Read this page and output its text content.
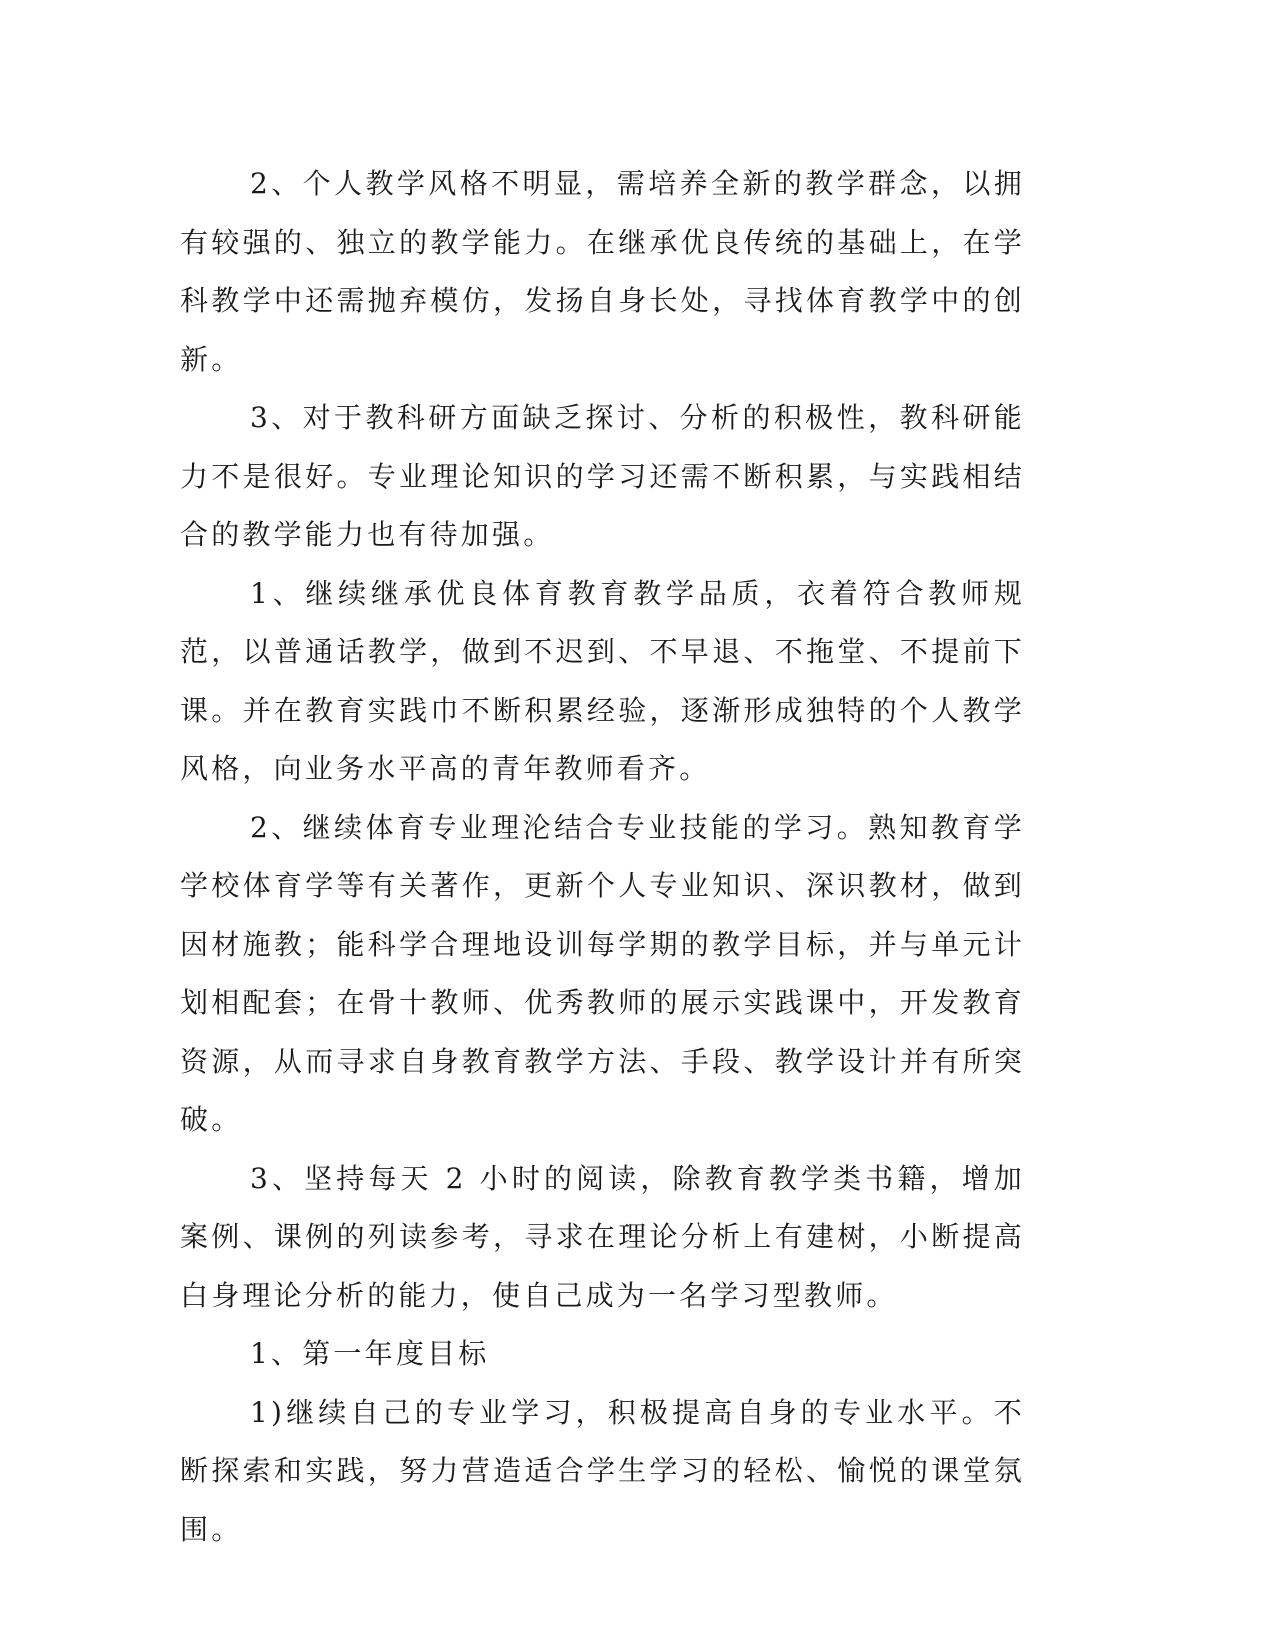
2、个人教学风格不明显，需培养全新的教学群念，以拥有较强的、独立的教学能力。在继承优良传统的基础上，在学科教学中还需抛弃模仿，发扬自身长处，寻找体育教学中的创新。

3、对于教科研方面缺乏探讨、分析的积极性，教科研能力不是很好。专业理论知识的学习还需不断积累，与实践相结合的教学能力也有待加强。

1、继续继承优良体育教育教学品质，衣着符合教师规范，以普通话教学，做到不迟到、不早退、不拖堂、不提前下课。并在教育实践巾不断积累经验，逐渐形成独特的个人教学风格，向业务水平高的青年教师看齐。

2、继续体育专业理沦结合专业技能的学习。熟知教育学学校体育学等有关著作，更新个人专业知识、深识教材，做到因材施教；能科学合理地设训每学期的教学目标，并与单元计划相配套；在骨十教师、优秀教师的展示实践课中，开发教育资源，从而寻求自身教育教学方法、手段、教学设计并有所突破。

3、坚持每天 2 小时的阅读，除教育教学类书籍，增加案例、课例的列读参考，寻求在理论分析上有建树，小断提高白身理论分析的能力，使自己成为一名学习型教师。

1、第一年度目标

1)继续自己的专业学习，积极提高自身的专业水平。不断探索和实践，努力营造适合学生学习的轻松、愉悦的课堂氛围。
